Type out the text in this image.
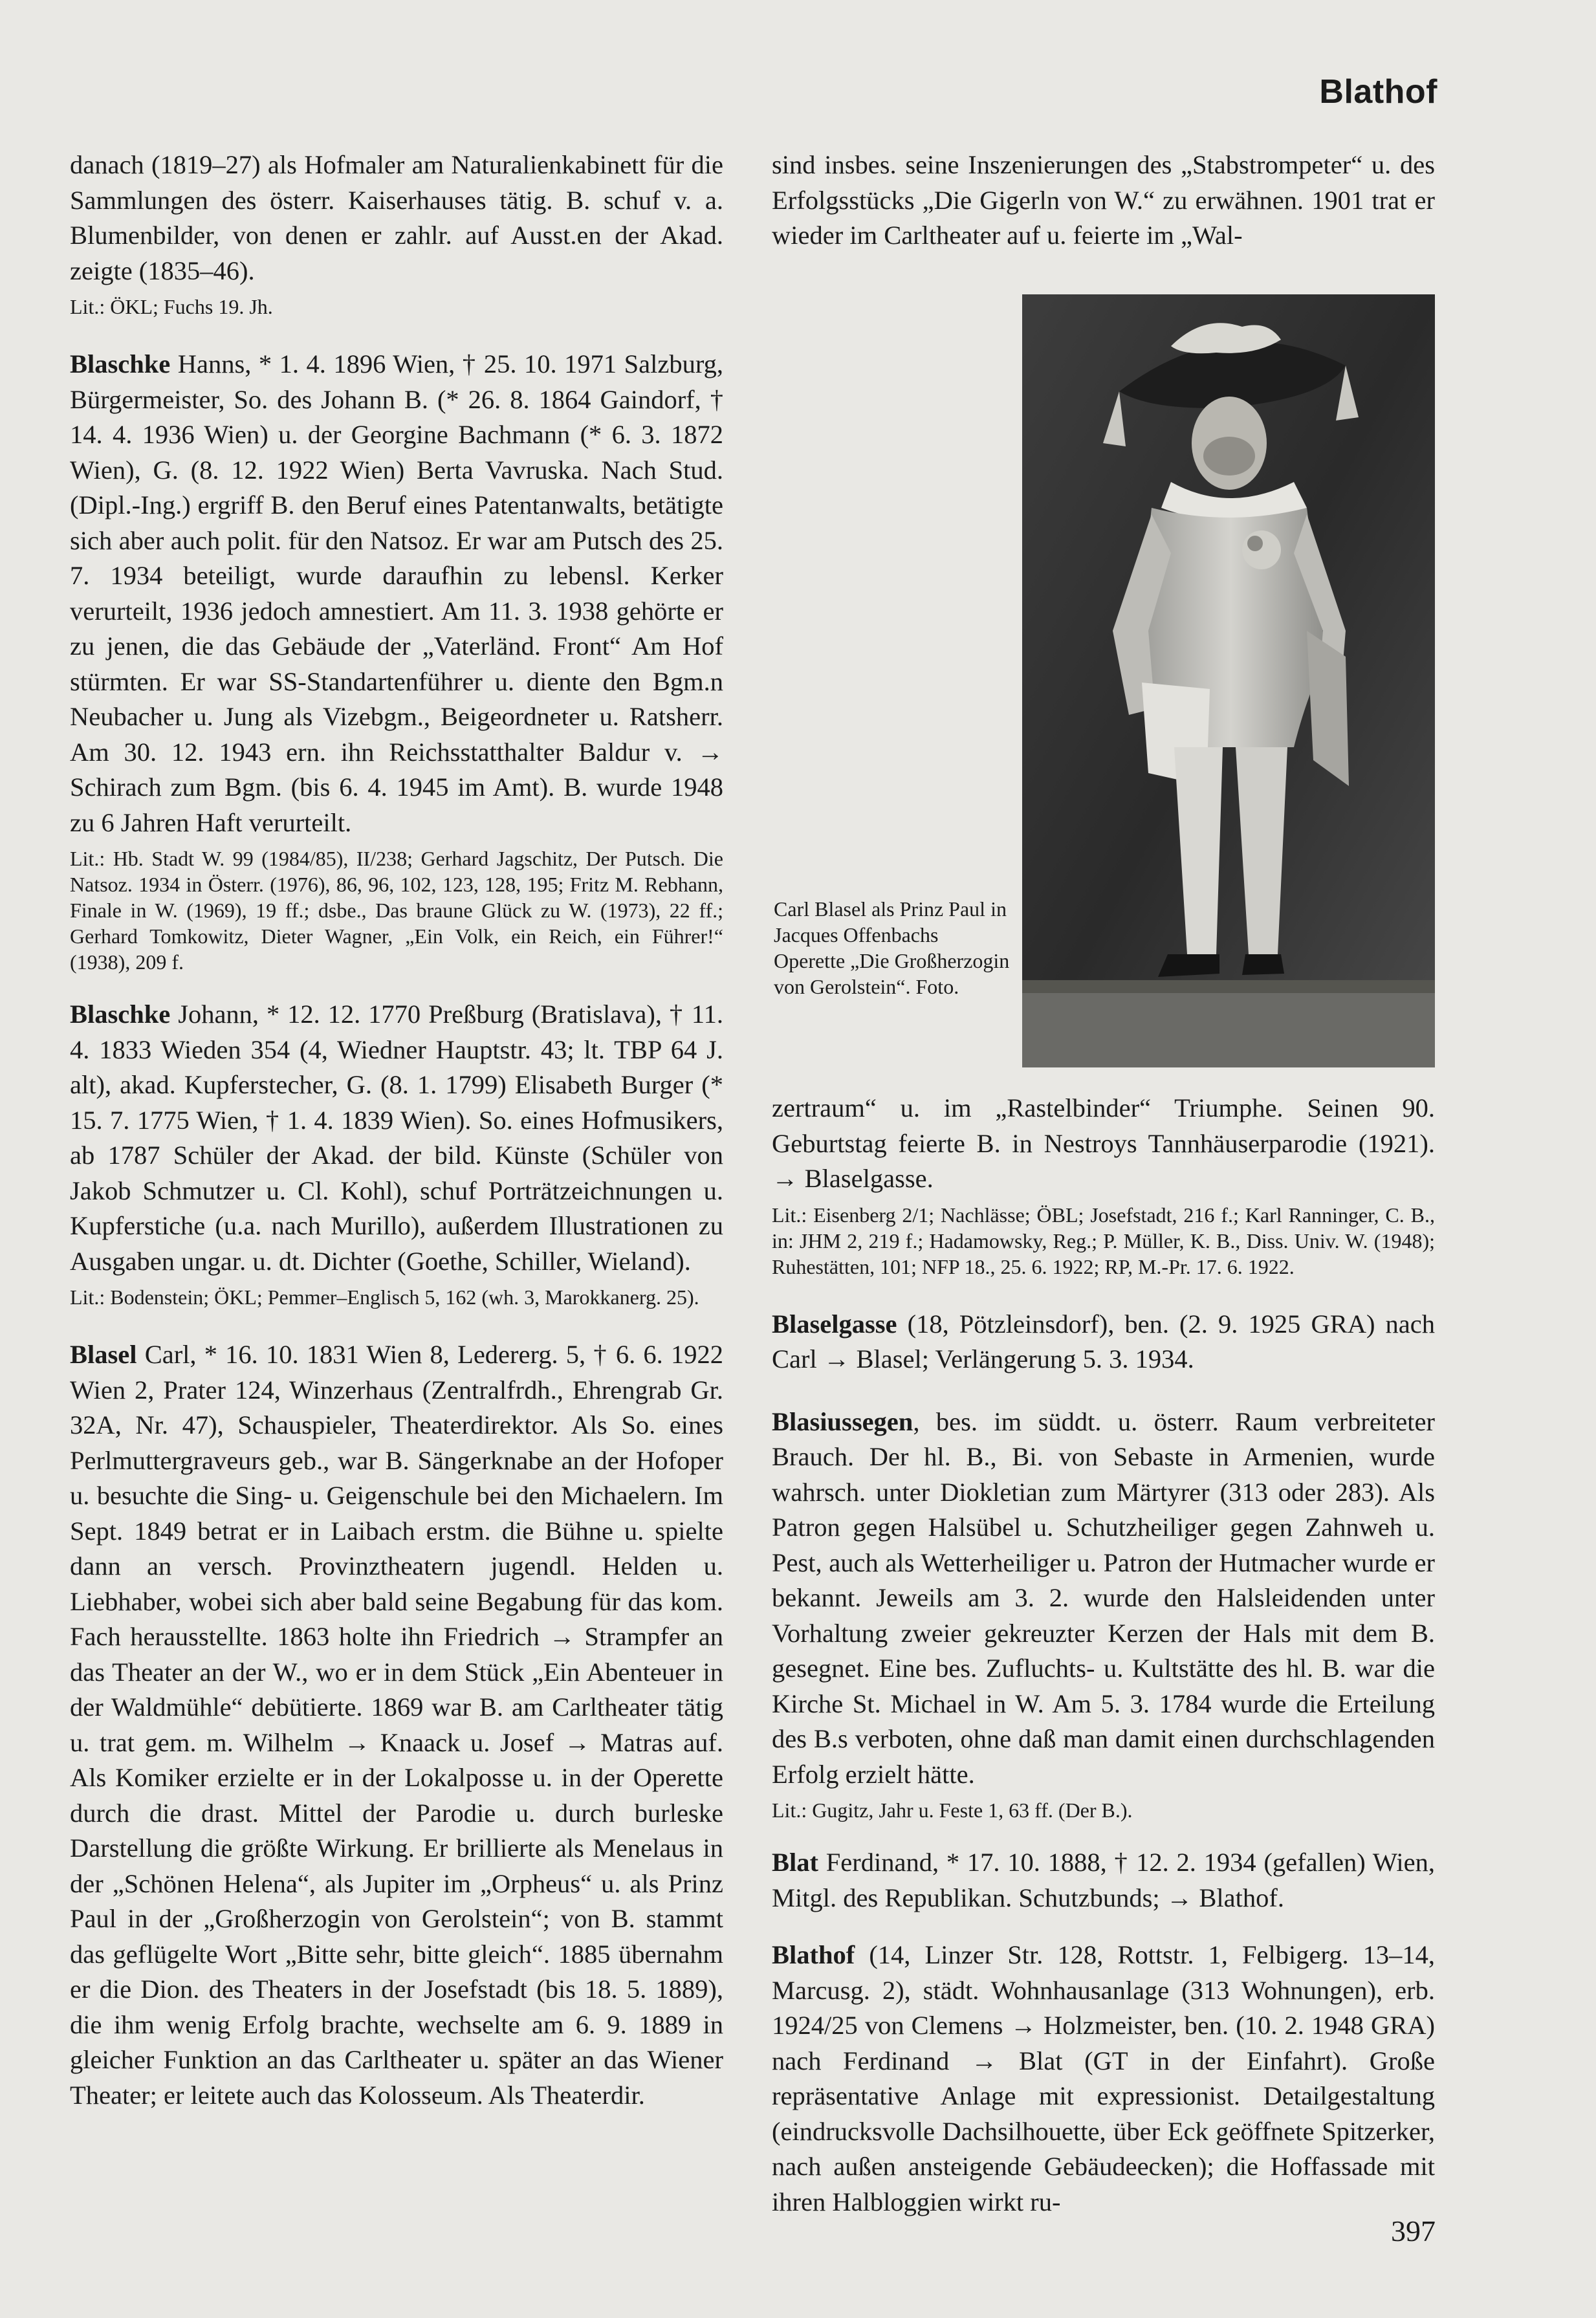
Blathof

danach (1819–27) als Hofmaler am Naturalienkabinett für die Sammlungen des österr. Kaiserhauses tätig. B. schuf v. a. Blumenbilder, von denen er zahlr. auf Ausst.en der Akad. zeigte (1835–46).

Lit.: ÖKL; Fuchs 19. Jh.

Blaschke Hanns, * 1. 4. 1896 Wien, † 25. 10. 1971 Salzburg, Bürgermeister, So. des Johann B. (* 26. 8. 1864 Gaindorf, † 14. 4. 1936 Wien) u. der Georgine Bachmann (* 6. 3. 1872 Wien), G. (8. 12. 1922 Wien) Berta Vavruska. Nach Stud. (Dipl.-Ing.) ergriff B. den Beruf eines Patentanwalts, betätigte sich aber auch polit. für den Natsoz. Er war am Putsch des 25. 7. 1934 beteiligt, wurde daraufhin zu lebensl. Kerker verurteilt, 1936 jedoch amnestiert. Am 11. 3. 1938 gehörte er zu jenen, die das Gebäude der „Vaterländ. Front“ Am Hof stürmten. Er war SS-Standartenführer u. diente den Bgm.n Neubacher u. Jung als Vizebgm., Beigeordneter u. Ratsherr. Am 30. 12. 1943 ern. ihn Reichsstatthalter Baldur v. → Schirach zum Bgm. (bis 6. 4. 1945 im Amt). B. wurde 1948 zu 6 Jahren Haft verurteilt.

Lit.: Hb. Stadt W. 99 (1984/85), II/238; Gerhard Jagschitz, Der Putsch. Die Natsoz. 1934 in Österr. (1976), 86, 96, 102, 123, 128, 195; Fritz M. Rebhann, Finale in W. (1969), 19 ff.; dsbe., Das braune Glück zu W. (1973), 22 ff.; Gerhard Tomkowitz, Dieter Wagner, „Ein Volk, ein Reich, ein Führer!“ (1938), 209 f.

Blaschke Johann, * 12. 12. 1770 Preßburg (Bratislava), † 11. 4. 1833 Wieden 354 (4, Wiedner Hauptstr. 43; lt. TBP 64 J. alt), akad. Kupferstecher, G. (8. 1. 1799) Elisabeth Burger (* 15. 7. 1775 Wien, † 1. 4. 1839 Wien). So. eines Hofmusikers, ab 1787 Schüler der Akad. der bild. Künste (Schüler von Jakob Schmutzer u. Cl. Kohl), schuf Porträtzeichnungen u. Kupferstiche (u.a. nach Murillo), außerdem Illustrationen zu Ausgaben ungar. u. dt. Dichter (Goethe, Schiller, Wieland).

Lit.: Bodenstein; ÖKL; Pemmer–Englisch 5, 162 (wh. 3, Marokkanerg. 25).

Blasel Carl, * 16. 10. 1831 Wien 8, Ledererg. 5, † 6. 6. 1922 Wien 2, Prater 124, Winzerhaus (Zentralfrdh., Ehrengrab Gr. 32A, Nr. 47), Schauspieler, Theaterdirektor. Als So. eines Perlmuttergraveurs geb., war B. Sängerknabe an der Hofoper u. besuchte die Sing- u. Geigenschule bei den Michaelern. Im Sept. 1849 betrat er in Laibach erstm. die Bühne u. spielte dann an versch. Provinztheatern jugendl. Helden u. Liebhaber, wobei sich aber bald seine Begabung für das kom. Fach herausstellte. 1863 holte ihn Friedrich → Strampfer an das Theater an der W., wo er in dem Stück „Ein Abenteuer in der Waldmühle“ debütierte. 1869 war B. am Carltheater tätig u. trat gem. m. Wilhelm → Knaack u. Josef → Matras auf. Als Komiker erzielte er in der Lokalposse u. in der Operette durch die drast. Mittel der Parodie u. durch burleske Darstellung die größte Wirkung. Er brillierte als Menelaus in der „Schönen Helena“, als Jupiter im „Orpheus“ u. als Prinz Paul in der „Großherzogin von Gerolstein“; von B. stammt das geflügelte Wort „Bitte sehr, bitte gleich“. 1885 übernahm er die Dion. des Theaters in der Josefstadt (bis 18. 5. 1889), die ihm wenig Erfolg brachte, wechselte am 6. 9. 1889 in gleicher Funktion an das Carltheater u. später an das Wiener Theater; er leitete auch das Kolosseum. Als Theaterdir.

sind insbes. seine Inszenierungen des „Stabstrompeter“ u. des Erfolgsstücks „Die Gigerln von W.“ zu erwähnen. 1901 trat er wieder im Carltheater auf u. feierte im „Wal-

Carl Blasel als Prinz Paul in Jacques Offenbachs Operette „Die Großherzogin von Gerolstein“. Foto.

zertraum“ u. im „Rastelbinder“ Triumphe. Seinen 90. Geburtstag feierte B. in Nestroys Tannhäuserparodie (1921). → Blaselgasse.

Lit.: Eisenberg 2/1; Nachlässe; ÖBL; Josefstadt, 216 f.; Karl Ranninger, C. B., in: JHM 2, 219 f.; Hadamowsky, Reg.; P. Müller, K. B., Diss. Univ. W. (1948); Ruhestätten, 101; NFP 18., 25. 6. 1922; RP, M.-Pr. 17. 6. 1922.

Blaselgasse (18, Pötzleinsdorf), ben. (2. 9. 1925 GRA) nach Carl → Blasel; Verlängerung 5. 3. 1934.

Blasiussegen, bes. im süddt. u. österr. Raum verbreiteter Brauch. Der hl. B., Bi. von Sebaste in Armenien, wurde wahrsch. unter Diokletian zum Märtyrer (313 oder 283). Als Patron gegen Halsübel u. Schutzheiliger gegen Zahnweh u. Pest, auch als Wetterheiliger u. Patron der Hutmacher wurde er bekannt. Jeweils am 3. 2. wurde den Halsleidenden unter Vorhaltung zweier gekreuzter Kerzen der Hals mit dem B. gesegnet. Eine bes. Zufluchts- u. Kultstätte des hl. B. war die Kirche St. Michael in W. Am 5. 3. 1784 wurde die Erteilung des B.s verboten, ohne daß man damit einen durchschlagenden Erfolg erzielt hätte.

Lit.: Gugitz, Jahr u. Feste 1, 63 ff. (Der B.).

Blat Ferdinand, * 17. 10. 1888, † 12. 2. 1934 (gefallen) Wien, Mitgl. des Republikan. Schutzbunds; → Blathof.

Blathof (14, Linzer Str. 128, Rottstr. 1, Felbigerg. 13–14, Marcusg. 2), städt. Wohnhausanlage (313 Wohnungen), erb. 1924/25 von Clemens → Holzmeister, ben. (10. 2. 1948 GRA) nach Ferdinand → Blat (GT in der Einfahrt). Große repräsentative Anlage mit expressionist. Detailgestaltung (eindrucksvolle Dachsilhouette, über Eck geöffnete Spitzerker, nach außen ansteigende Gebäudeecken); die Hoffassade mit ihren Halbloggien wirkt ru-

397
